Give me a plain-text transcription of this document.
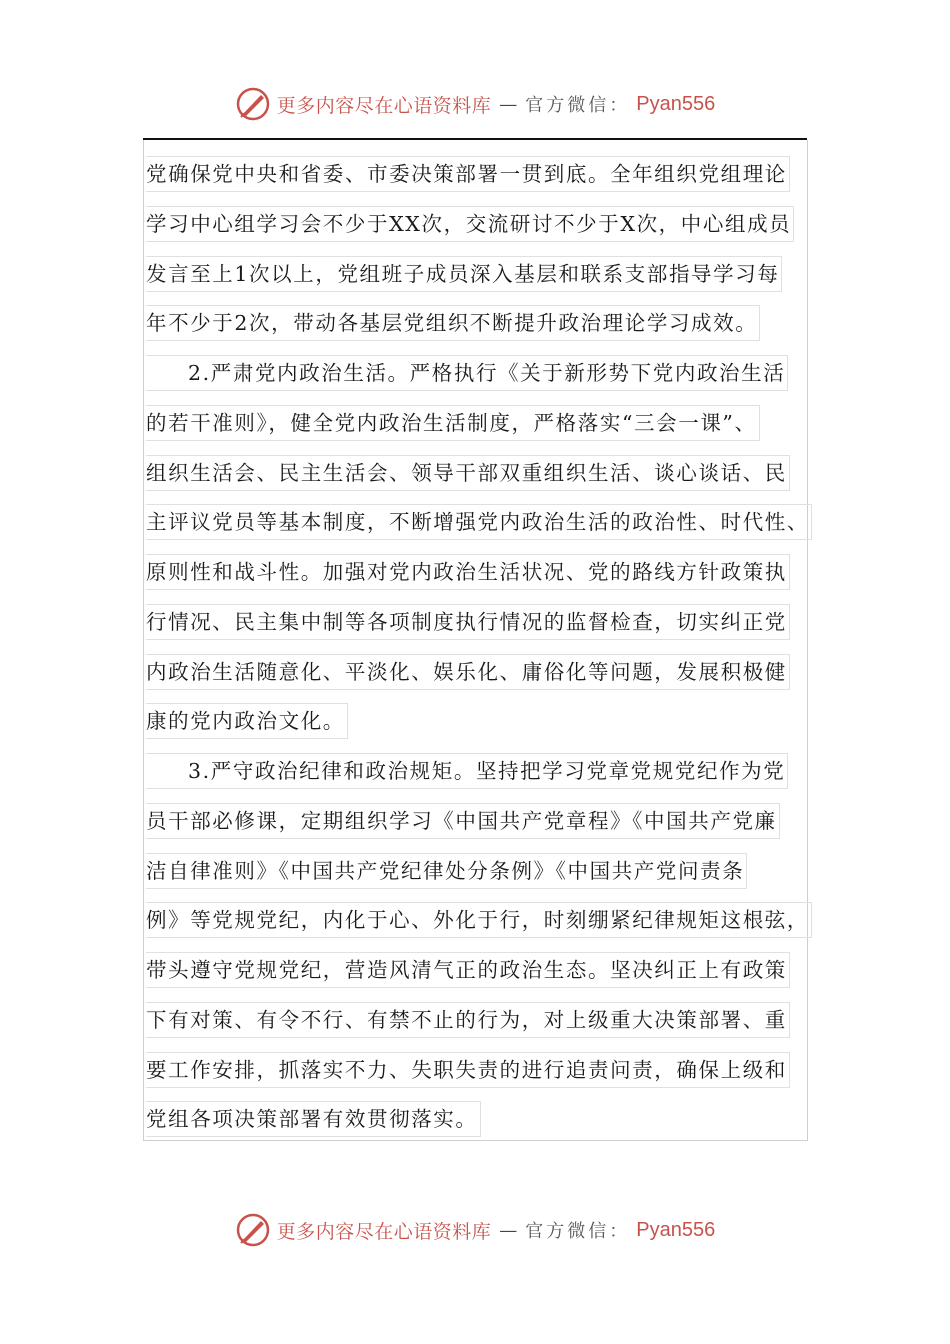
更多内容尽在心语资料库 — 官方微信： Pyan556
党确保党中央和省委、市委决策部署一贯到底。全年组织党组理论
学习中心组学习会不少于XX次，交流研讨不少于X次，中心组成员
发言至上1次以上，党组班子成员深入基层和联系支部指导学习每
年不少于2次，带动各基层党组织不断提升政治理论学习成效。
2.严肃党内政治生活。严格执行《关于新形势下党内政治生活
的若干准则》，健全党内政治生活制度，严格落实“三会一课”、
组织生活会、民主生活会、领导干部双重组织生活、谈心谈话、民
主评议党员等基本制度，不断增强党内政治生活的政治性、时代性、
原则性和战斗性。加强对党内政治生活状况、党的路线方针政策执
行情况、民主集中制等各项制度执行情况的监督检查，切实纠正党
内政治生活随意化、平淡化、娱乐化、庸俗化等问题，发展积极健
康的党内政治文化。
3.严守政治纪律和政治规矩。坚持把学习党章党规党纪作为党
员干部必修课，定期组织学习《中国共产党章程》《中国共产党廉
洁自律准则》《中国共产党纪律处分条例》《中国共产党问责条
例》等党规党纪，内化于心、外化于行，时刻绷紧纪律规矩这根弦，
带头遵守党规党纪，营造风清气正的政治生态。坚决纠正上有政策
下有对策、有令不行、有禁不止的行为，对上级重大决策部署、重
要工作安排，抓落实不力、失职失责的进行追责问责，确保上级和
党组各项决策部署有效贯彻落实。
更多内容尽在心语资料库 — 官方微信： Pyan556
